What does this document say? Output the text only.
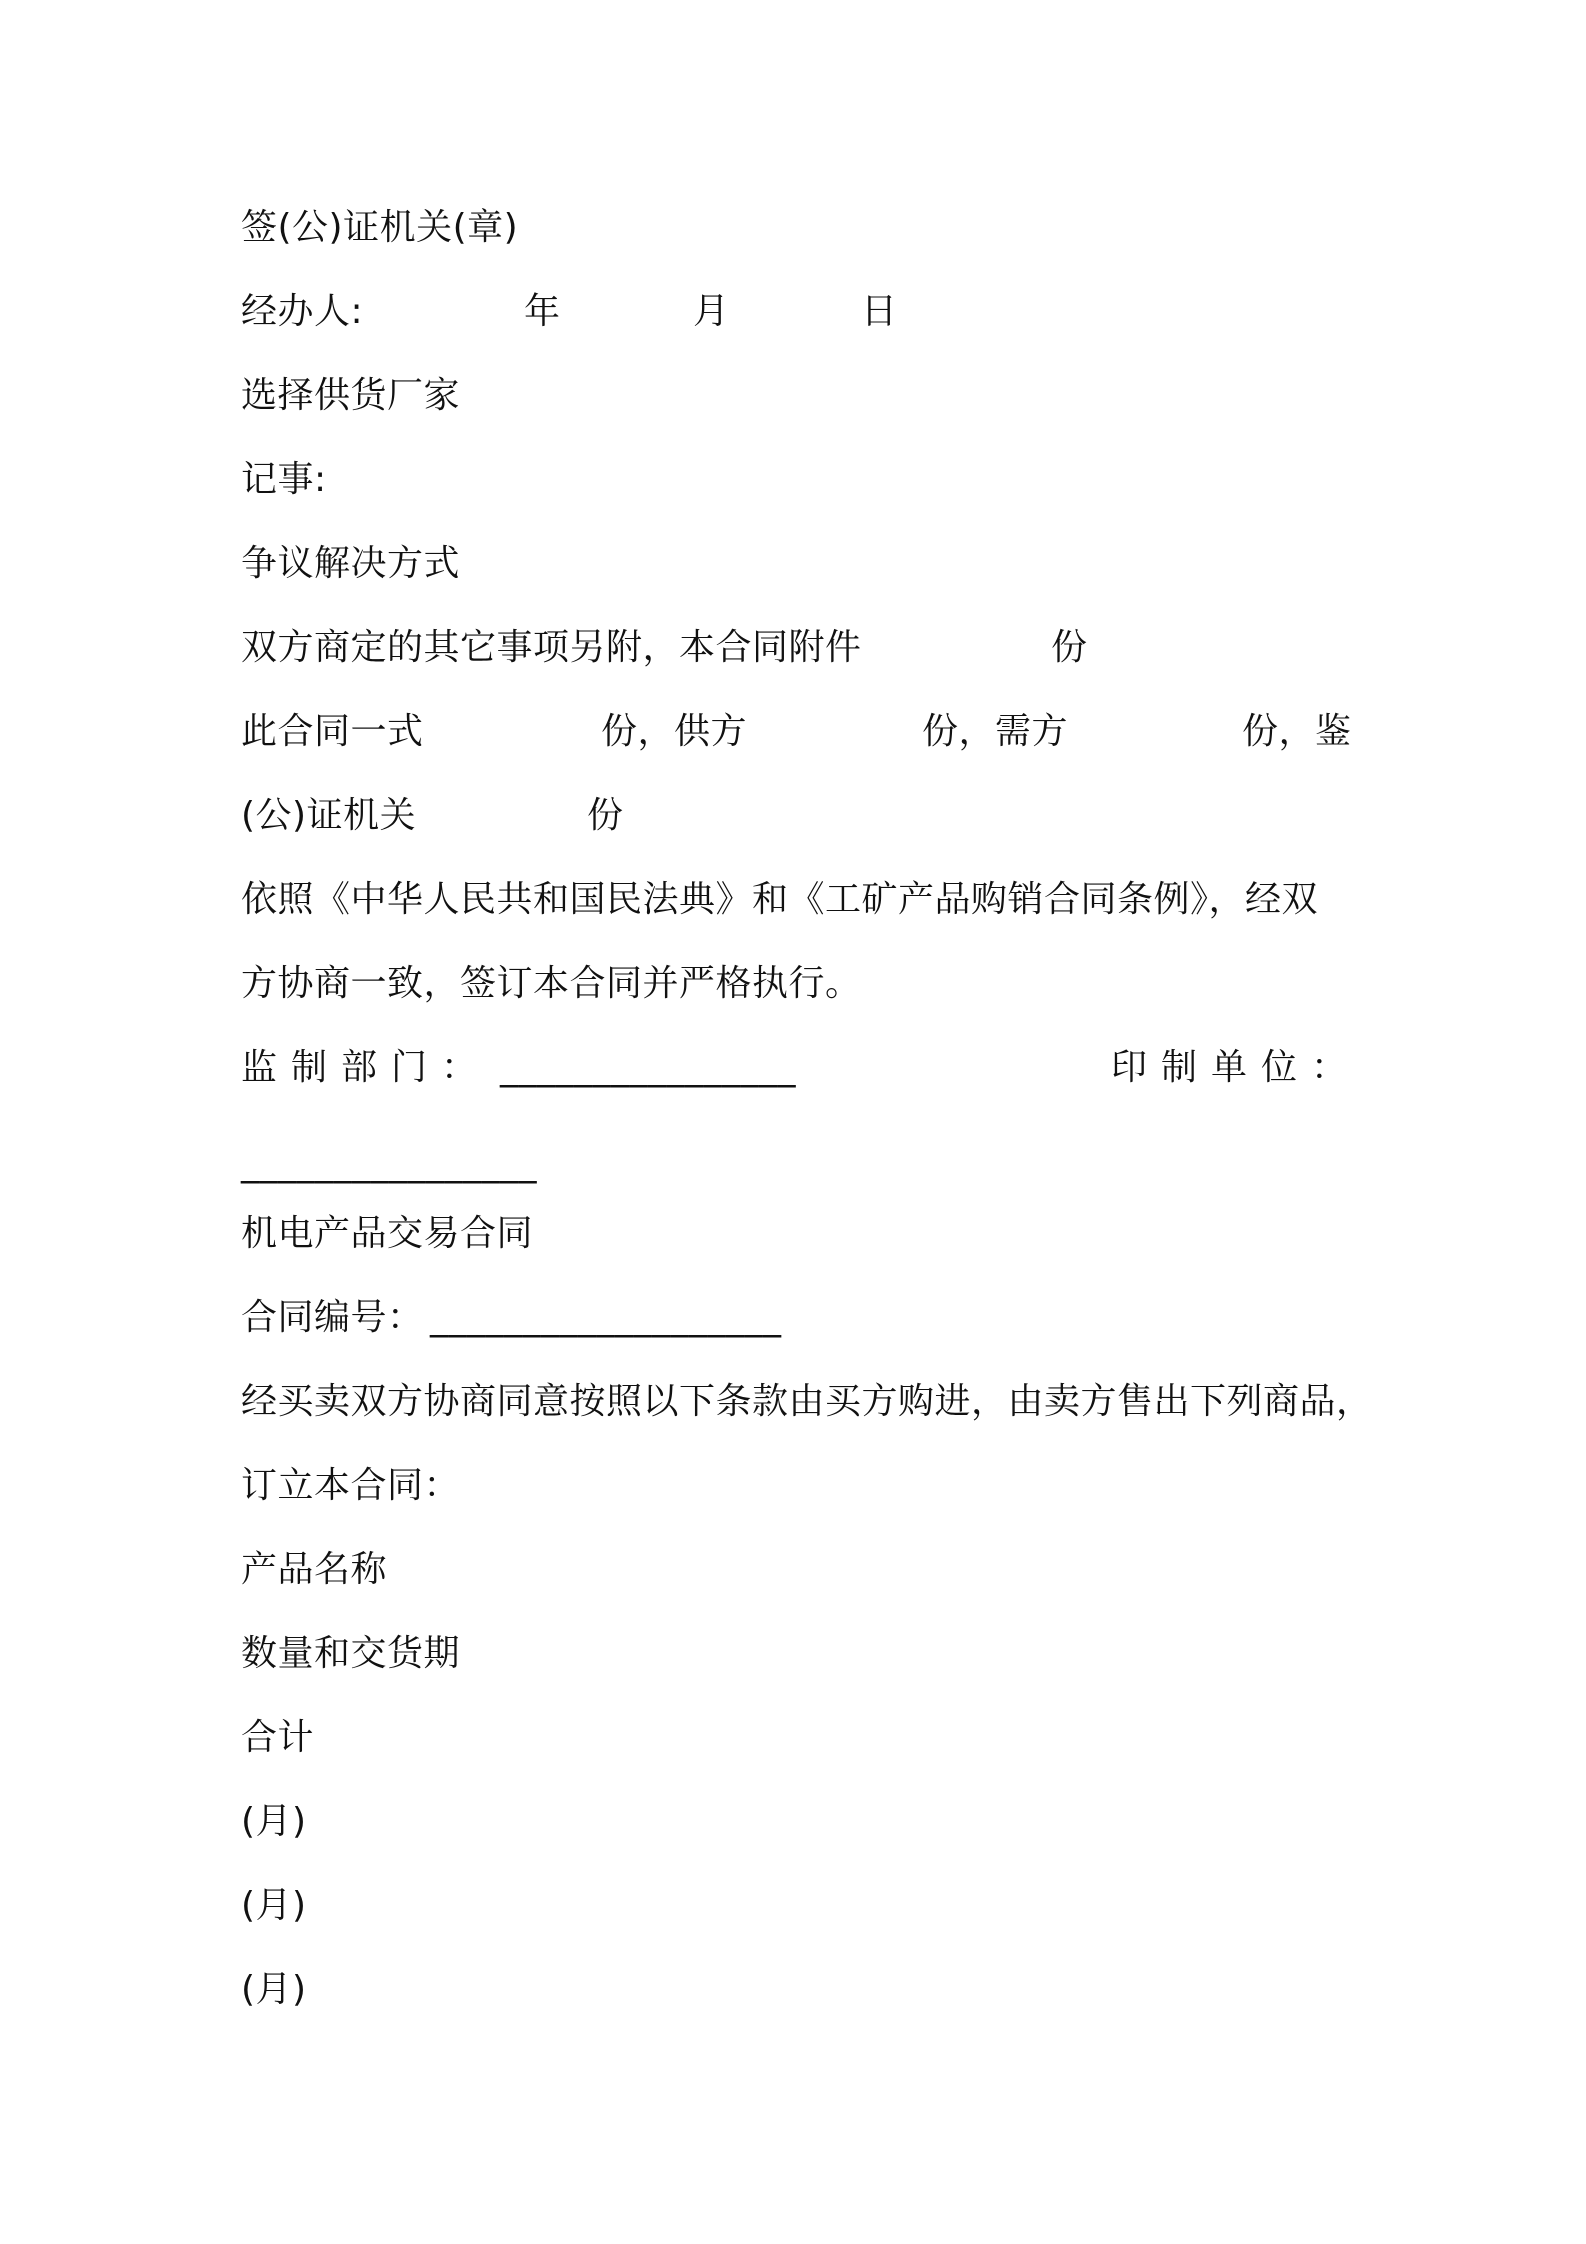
签(公)证机关(章)
经办人:	年	月	日
选择供货厂家
记事:
争议解决方式
双方商定的其它事项另附，本合同附件	份
此合同一式	份，供方	份，需方	份，鉴
(公)证机关	份
依照《中华人民共和国民法典》和《工矿产品购销合同条例》，经双
方协商一致，签订本合同并严格执行。
监制部门： ________________	印制单位：
________________
机电产品交易合同
合同编号： ___________________
经买卖双方协商同意按照以下条款由买方购进，由卖方售出下列商品，
订立本合同：
产品名称
数量和交货期
合计
(月)
(月)
(月)
